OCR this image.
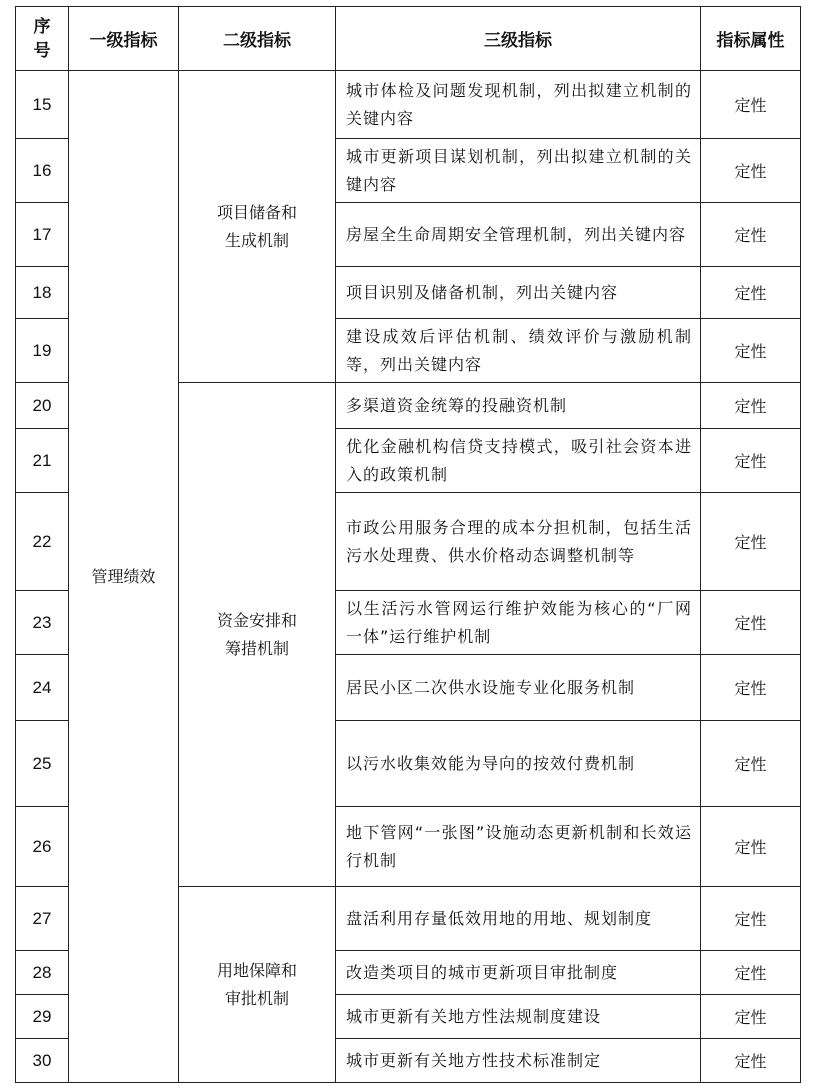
序
号	一级指标	二级指标	三级指标	指标属性
15	管理绩效	项目储备和
生成机制	城市体检及问题发现机制，列出拟建立机制的关键内容	定性
16			城市更新项目谋划机制，列出拟建立机制的关键内容	定性
17			房屋全生命周期安全管理机制，列出关键内容	定性
18			项目识别及储备机制，列出关键内容	定性
19			建设成效后评估机制、绩效评价与激励机制等，列出关键内容	定性
20		资金安排和
筹措机制	多渠道资金统筹的投融资机制	定性
21			优化金融机构信贷支持模式，吸引社会资本进入的政策机制	定性
22			市政公用服务合理的成本分担机制，包括生活污水处理费、供水价格动态调整机制等	定性
23			以生活污水管网运行维护效能为核心的“厂网一体”运行维护机制	定性
24			居民小区二次供水设施专业化服务机制	定性
25			以污水收集效能为导向的按效付费机制	定性
26			地下管网“一张图”设施动态更新机制和长效运行机制	定性
27		用地保障和
审批机制	盘活利用存量低效用地的用地、规划制度	定性
28			改造类项目的城市更新项目审批制度	定性
29			城市更新有关地方性法规制度建设	定性
30			城市更新有关地方性技术标准制定	定性
